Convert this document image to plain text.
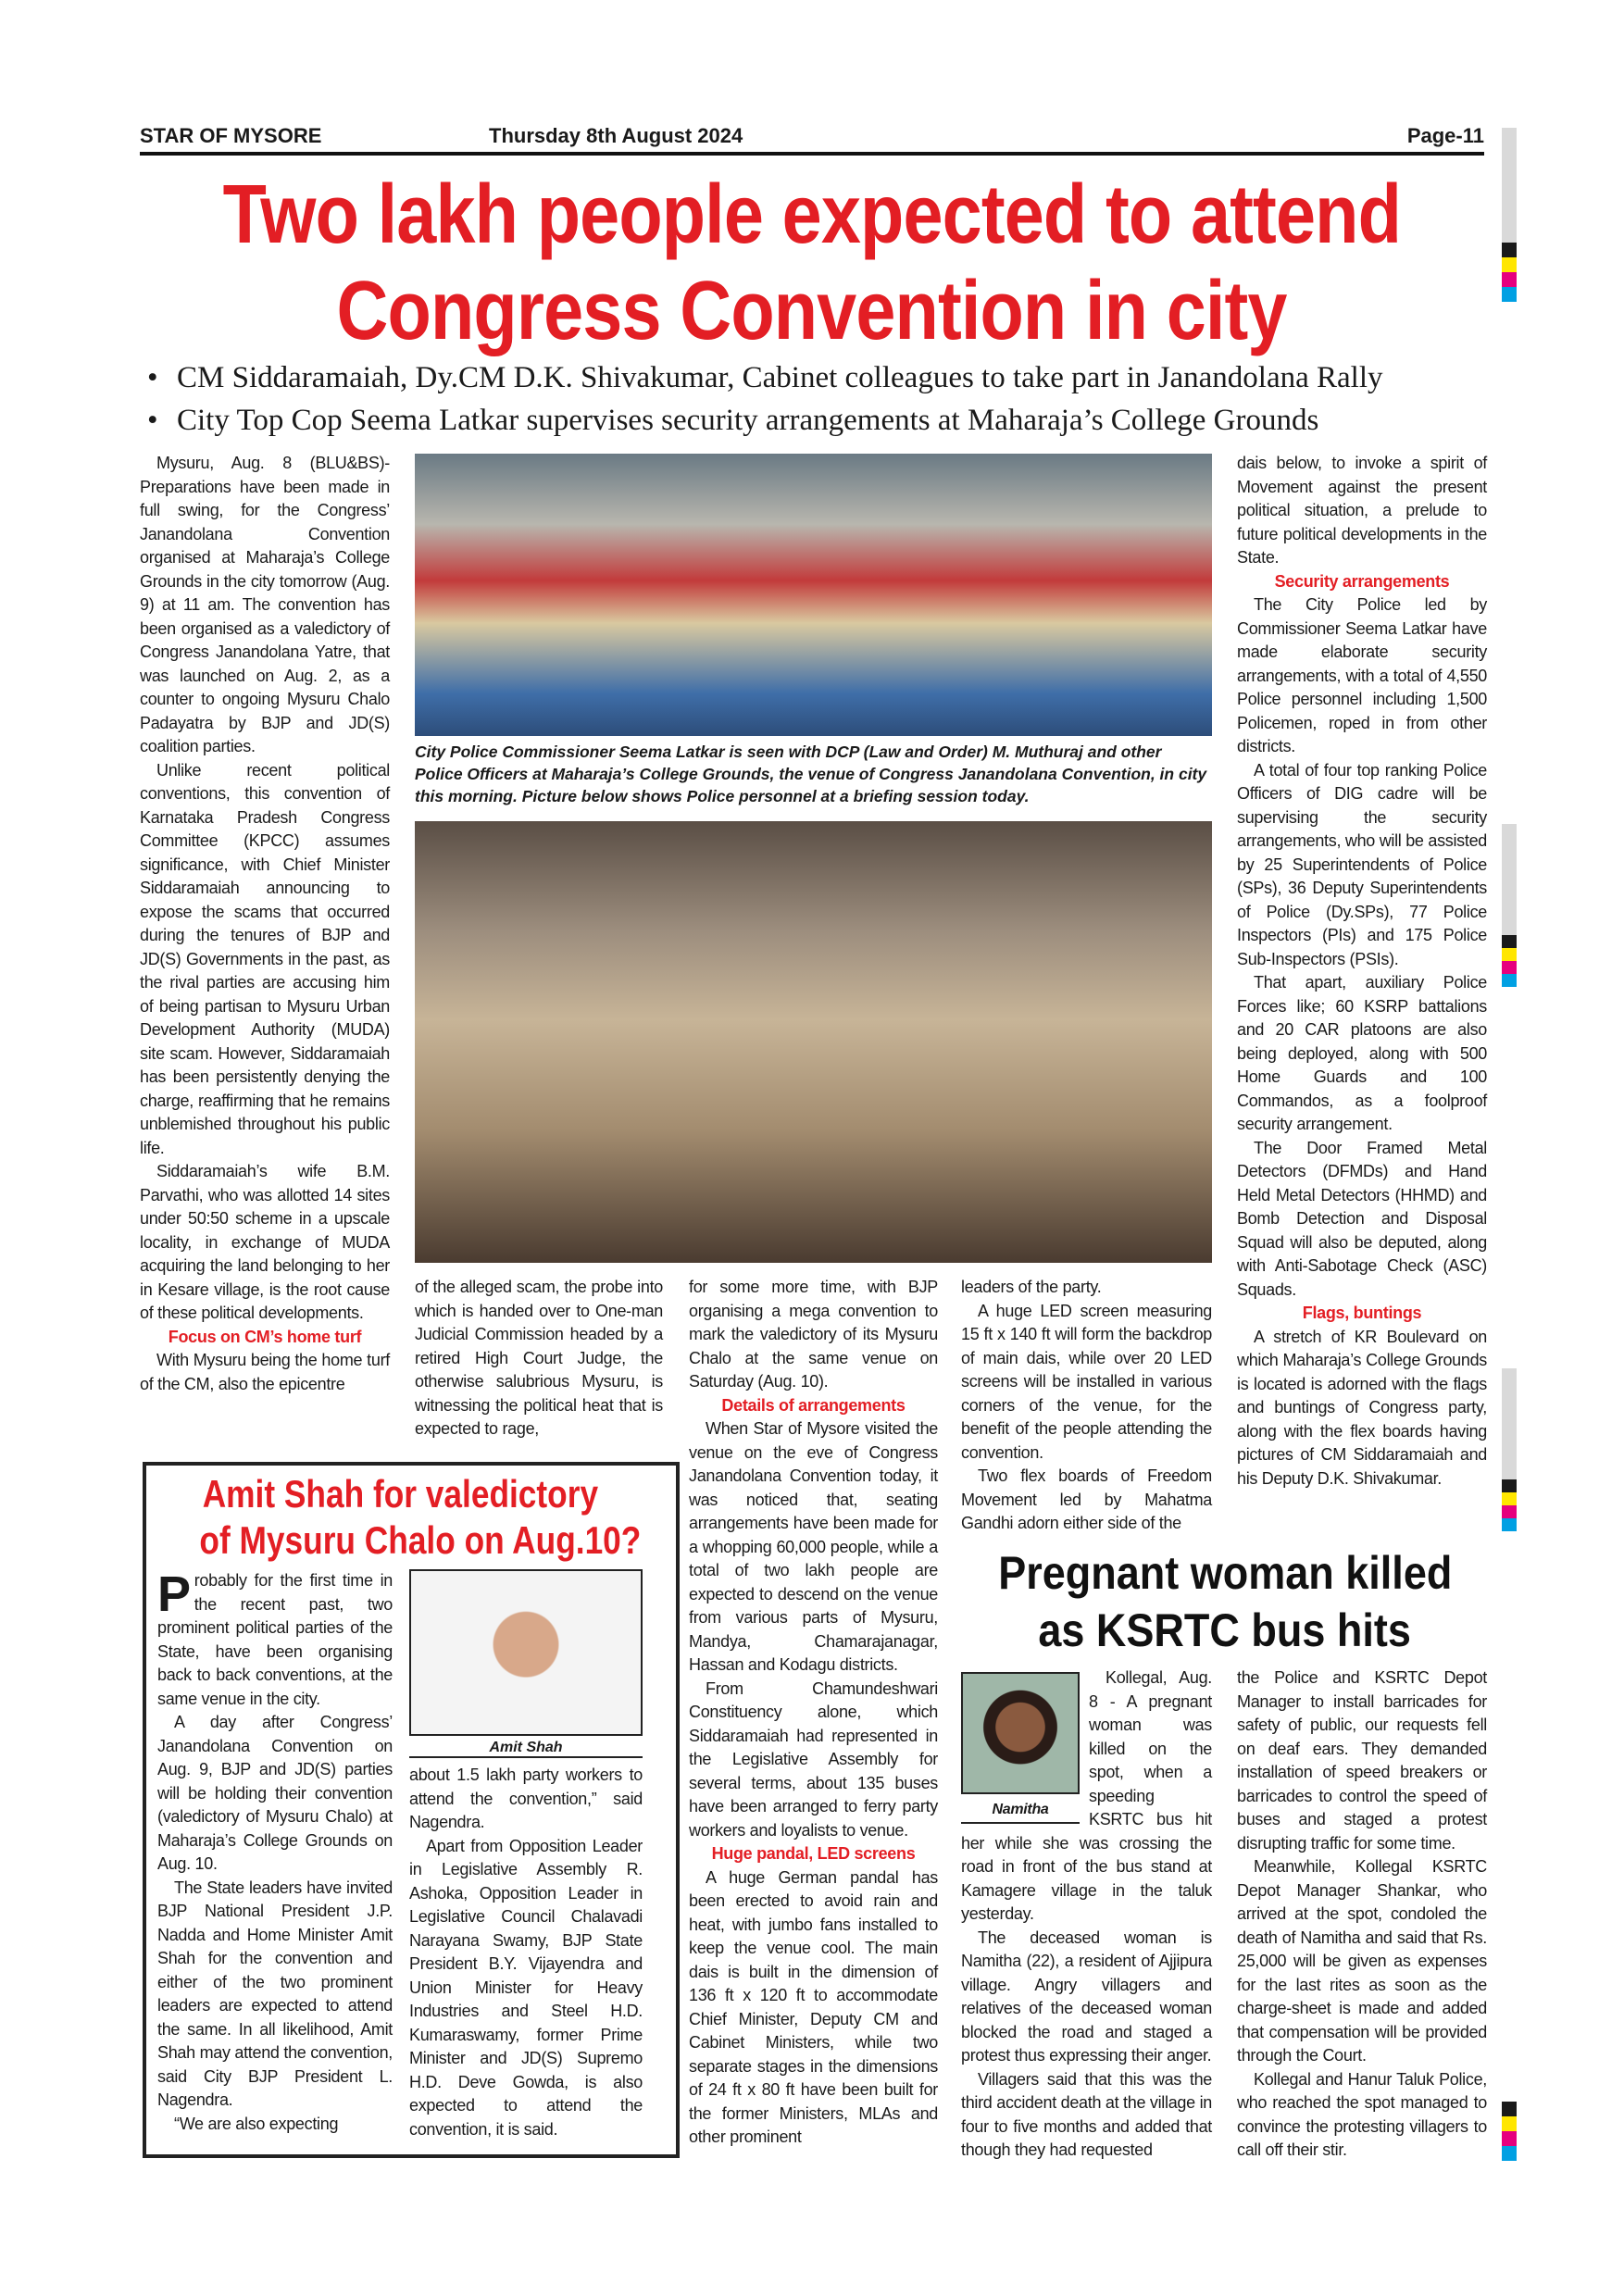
STAR OF MYSORE	Thursday 8th August 2024	Page-11
Two lakh people expected to attend
Congress Convention in city
• CM Siddaramaiah, Dy.CM D.K. Shivakumar, Cabinet colleagues to take part in Janandolana Rally
• City Top Cop Seema Latkar supervises security arrangements at Maharaja’s College Grounds

Mysuru, Aug. 8 (BLU&BS)- Preparations have been made in full swing, for the Congress’ Janandolana Convention organised at Maharaja’s College Grounds in the city tomorrow (Aug. 9) at 11 am. The convention has been organised as a valedictory of Congress Janandolana Yatre, that was launched on Aug. 2, as a counter to ongoing Mysuru Chalo Padayatra by BJP and JD(S) coalition parties.

Unlike recent political conventions, this convention of Karnataka Pradesh Congress Committee (KPCC) assumes significance, with Chief Minister Siddaramaiah announcing to expose the scams that occurred during the tenures of BJP and JD(S) Governments in the past, as the rival parties are accusing him of being partisan to Mysuru Urban Development Authority (MUDA) site scam. However, Siddaramaiah has been persistently denying the charge, reaffirming that he remains unblemished throughout his public life.

Siddaramaiah’s wife B.M. Parvathi, who was allotted 14 sites under 50:50 scheme in a upscale locality, in exchange of MUDA acquiring the land belonging to her in Kesare village, is the root cause of these political developments.

Focus on CM’s home turf

With Mysuru being the home turf of the CM, also the epicentre

City Police Commissioner Seema Latkar is seen with DCP (Law and Order) M. Muthuraj and other Police Officers at Maharaja’s College Grounds, the venue of Congress Janandolana Convention, in city this morning. Picture below shows Police personnel at a briefing session today.

of the alleged scam, the probe into which is handed over to One-man Judicial Commission headed by a retired High Court Judge, the otherwise salubrious Mysuru, is witnessing the political heat that is expected to rage,

for some more time, with BJP organising a mega convention to mark the valedictory of its Mysuru Chalo at the same venue on Saturday (Aug. 10).

Details of arrangements

When Star of Mysore visited the venue on the eve of Congress Janandolana Convention today, it was noticed that, seating arrangements have been made for a whopping 60,000 people, while a total of two lakh people are expected to descend on the venue from various parts of Mysuru, Mandya, Chamarajanagar, Hassan and Kodagu districts.

From Chamundeshwari Constituency alone, which Siddaramaiah had represented in the Legislative Assembly for several terms, about 135 buses have been arranged to ferry party workers and loyalists to venue.

Huge pandal, LED screens

A huge German pandal has been erected to avoid rain and heat, with jumbo fans installed to keep the venue cool. The main dais is built in the dimension of 136 ft x 120 ft to accommodate Chief Minister, Deputy CM and Cabinet Ministers, while two separate stages in the dimensions of 24 ft x 80 ft have been built for the former Ministers, MLAs and other prominent

leaders of the party.

A huge LED screen measuring 15 ft x 140 ft will form the backdrop of main dais, while over 20 LED screens will be installed in various corners of the venue, for the benefit of the people attending the convention.

Two flex boards of Freedom Movement led by Mahatma Gandhi adorn either side of the

dais below, to invoke a spirit of Movement against the present political situation, a prelude to future political developments in the State.

Security arrangements

The City Police led by Commissioner Seema Latkar have made elaborate security arrangements, with a total of 4,550 Police personnel including 1,500 Policemen, roped in from other districts.

A total of four top ranking Police Officers of DIG cadre will be supervising the security arrangements, who will be assisted by 25 Superintendents of Police (SPs), 36 Deputy Superintendents of Police (Dy.SPs), 77 Police Inspectors (PIs) and 175 Police Sub-Inspectors (PSIs).

That apart, auxiliary Police Forces like; 60 KSRP battalions and 20 CAR platoons are also being deployed, along with 500 Home Guards and 100 Commandos, as a foolproof security arrangement.

The Door Framed Metal Detectors (DFMDs) and Hand Held Metal Detectors (HHMD) and Bomb Detection and Disposal Squad will also be deputed, along with Anti-Sabotage Check (ASC) Squads.

Flags, buntings

A stretch of KR Boulevard on which Maharaja’s College Grounds is located is adorned with the flags and buntings of Congress party, along with the flex boards having pictures of CM Siddaramaiah and his Deputy D.K. Shivakumar.

Amit Shah for valedictory
of Mysuru Chalo on Aug.10?

Probably for the first time in the recent past, two prominent political parties of the State, have been organising back to back conventions, at the same venue in the city.

A day after Congress’ Janandolana Convention on Aug. 9, BJP and JD(S) parties will be holding their convention (valedictory of Mysuru Chalo) at Maharaja’s College Grounds on Aug. 10.

The State leaders have invited BJP National President J.P. Nadda and Home Minister Amit Shah for the convention and either of the two prominent leaders are expected to attend the same. In all likelihood, Amit Shah may attend the convention, said City BJP President L. Nagendra.

“We are also expecting

Amit Shah

about 1.5 lakh party workers to attend the convention,” said Nagendra.

Apart from Opposition Leader in Legislative Assembly R. Ashoka, Opposition Leader in Legislative Council Chalavadi Narayana Swamy, BJP State President B.Y. Vijayendra and Union Minister for Heavy Industries and Steel H.D. Kumaraswamy, former Prime Minister and JD(S) Supremo H.D. Deve Gowda, is also expected to attend the convention, it is said.

Pregnant woman killed
as KSRTC bus hits
Namitha

Kollegal, Aug. 8 - A pregnant woman was killed on the spot, when a speeding KSRTC bus hit her while she was crossing the road in front of the bus stand at Kamagere village in the taluk yesterday.

The deceased woman is Namitha (22), a resident of Ajjipura village. Angry villagers and relatives of the deceased woman blocked the road and staged a protest thus expressing their anger.

Villagers said that this was the third accident death at the village in four to five months and added that though they had requested

the Police and KSRTC Depot Manager to install barricades for safety of public, our requests fell on deaf ears. They demanded installation of speed breakers or barricades to control the speed of buses and staged a protest disrupting traffic for some time.

Meanwhile, Kollegal KSRTC Depot Manager Shankar, who arrived at the spot, condoled the death of Namitha and said that Rs. 25,000 will be given as expenses for the last rites as soon as the charge-sheet is made and added that compensation will be provided through the Court.

Kollegal and Hanur Taluk Police, who reached the spot managed to convince the protesting villagers to call off their stir.
